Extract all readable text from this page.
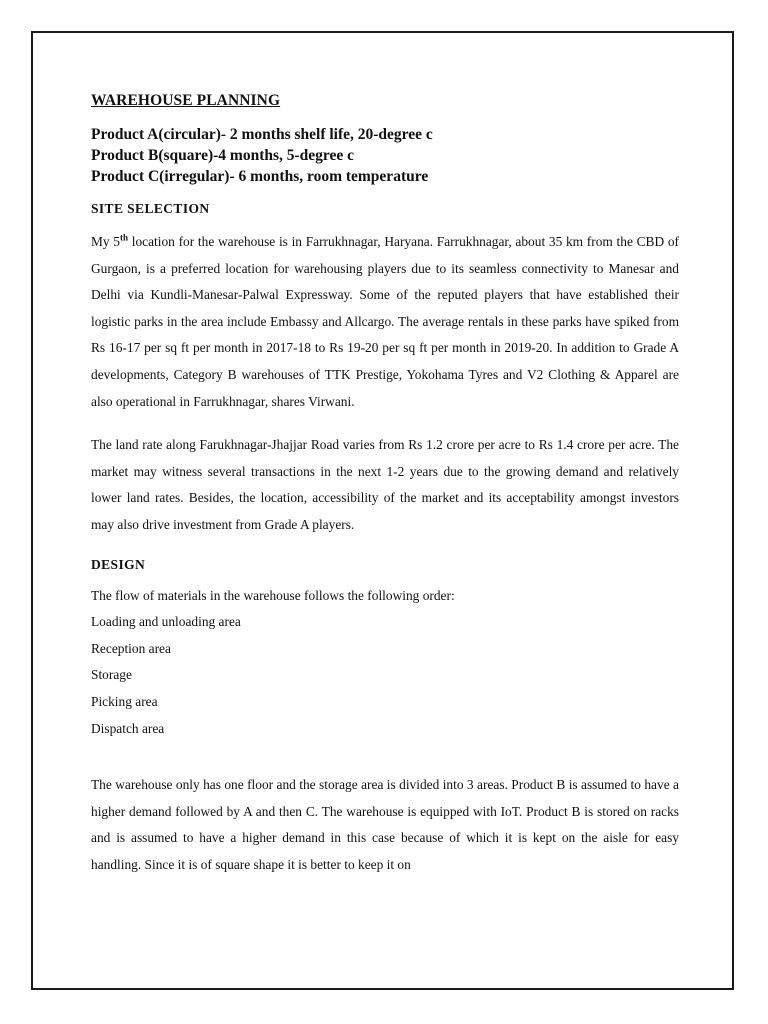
WAREHOUSE PLANNING

Product A(circular)- 2 months shelf life, 20-degree c

Product B(square)-4 months, 5-degree c

Product C(irregular)- 6 months, room temperature

SITE SELECTION

My 5th location for the warehouse is in Farrukhnagar, Haryana. Farrukhnagar, about 35 km from the CBD of Gurgaon, is a preferred location for warehousing players due to its seamless connectivity to Manesar and Delhi via Kundli-Manesar-Palwal Expressway. Some of the reputed players that have established their logistic parks in the area include Embassy and Allcargo. The average rentals in these parks have spiked from Rs 16-17 per sq ft per month in 2017-18 to Rs 19-20 per sq ft per month in 2019-20. In addition to Grade A developments, Category B warehouses of TTK Prestige, Yokohama Tyres and V2 Clothing & Apparel are also operational in Farrukhnagar, shares Virwani.

The land rate along Farukhnagar-Jhajjar Road varies from Rs 1.2 crore per acre to Rs 1.4 crore per acre. The market may witness several transactions in the next 1-2 years due to the growing demand and relatively lower land rates. Besides, the location, accessibility of the market and its acceptability amongst investors may also drive investment from Grade A players.

DESIGN

The flow of materials in the warehouse follows the following order:

Loading and unloading area

Reception area

Storage

Picking area

Dispatch area

The warehouse only has one floor and the storage area is divided into 3 areas. Product B is assumed to have a higher demand followed by A and then C. The warehouse is equipped with IoT. Product B is stored on racks and is assumed to have a higher demand in this case because of which it is kept on the aisle for easy handling. Since it is of square shape it is better to keep it on
